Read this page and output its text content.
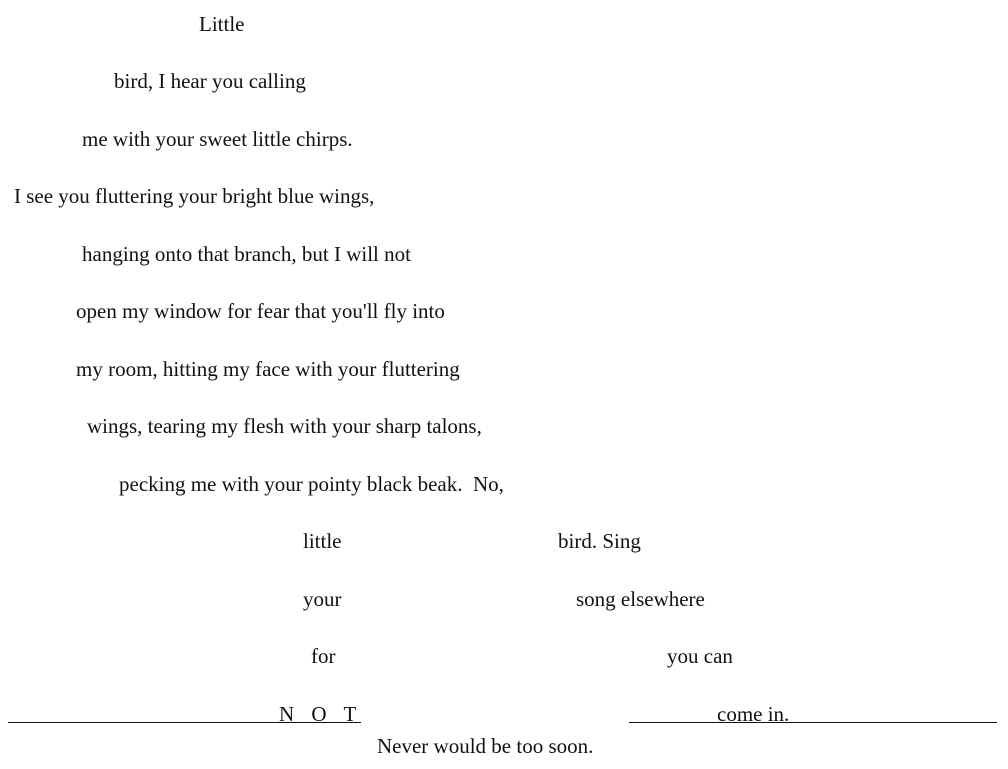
Little
bird, I hear you calling
me with your sweet little chirps.
I see you fluttering your bright blue wings,
hanging onto that branch, but I will not
open my window for fear that you'll fly into
my room, hitting my face with your fluttering
wings, tearing my flesh with your sharp talons,
pecking me with your pointy black beak.  No,
little	bird. Sing
your	song elsewhere
for	you can
N O T	come in.
Never would be too soon.
